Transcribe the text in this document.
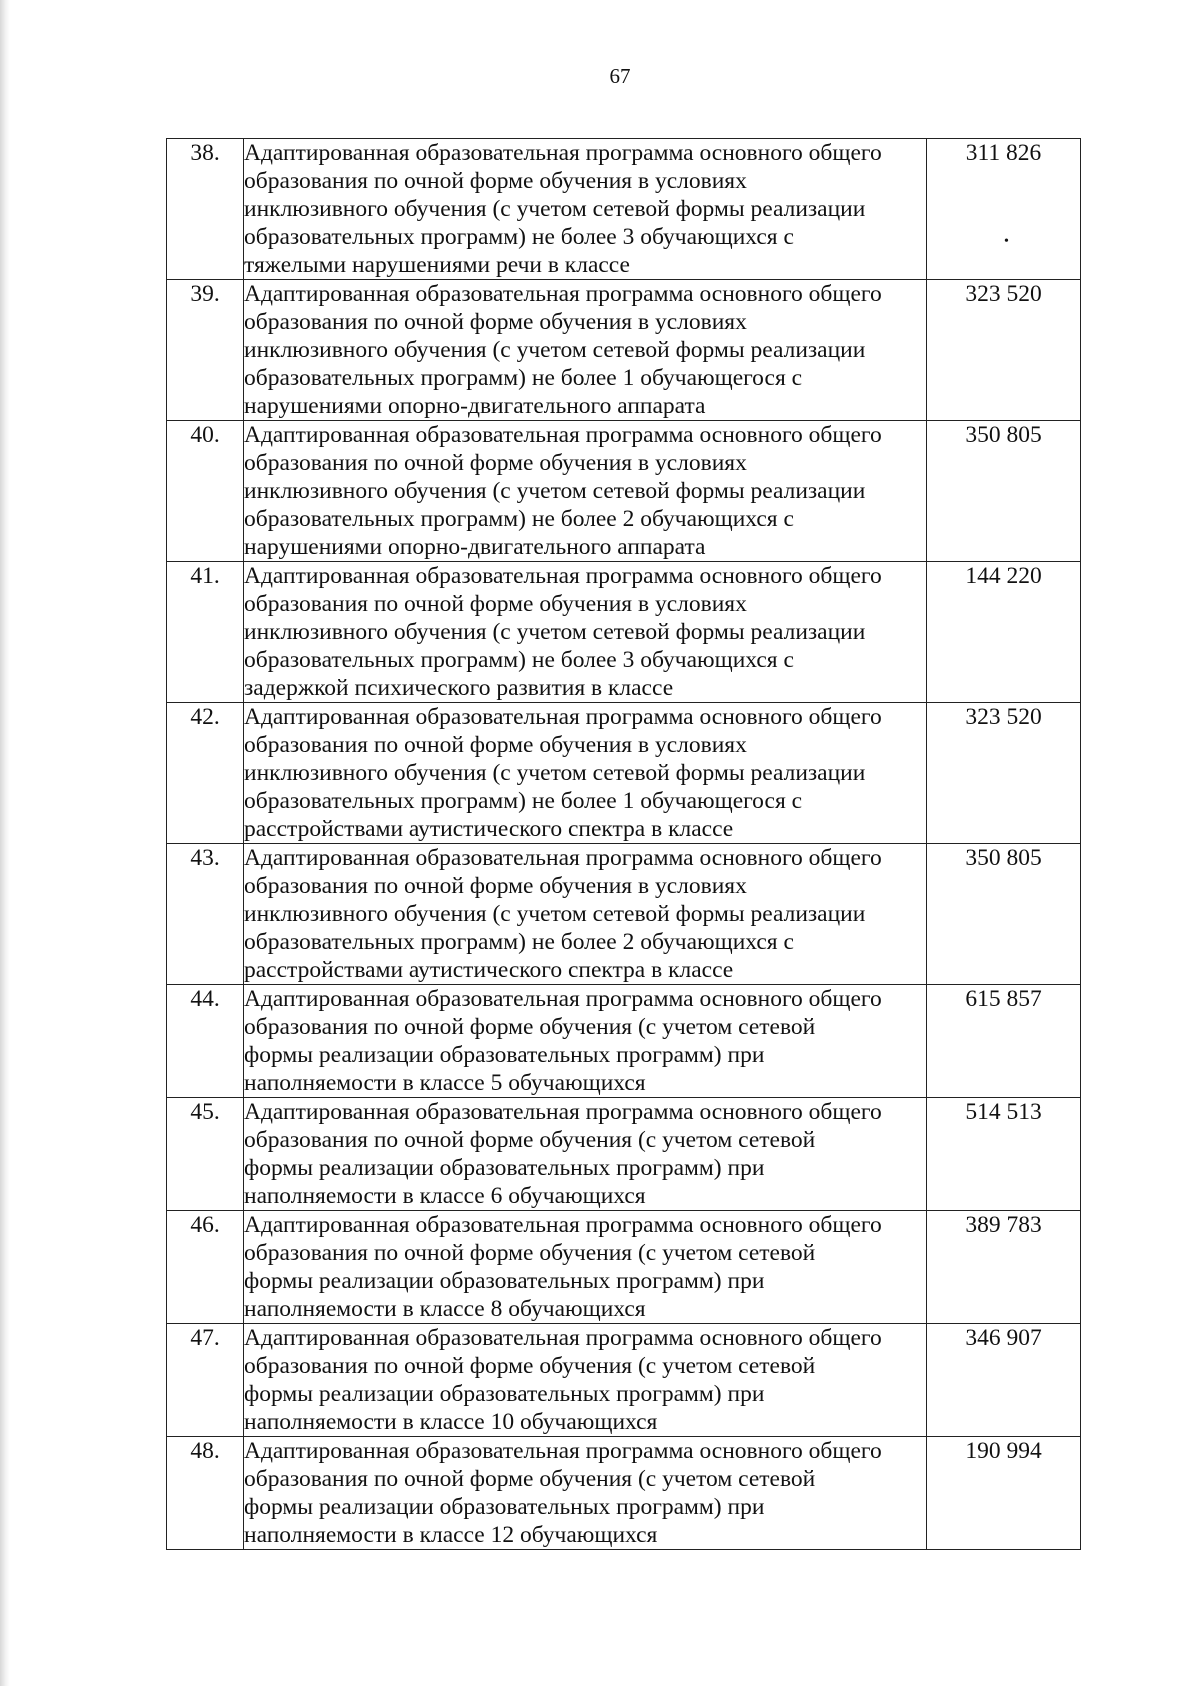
67
38.	Адаптированная образовательная программа основного общего
образования по очной форме обучения в условиях
инклюзивного обучения (с учетом сетевой формы реализации
образовательных программ) не более 3 обучающихся с
тяжелыми нарушениями речи в классе	311 826
•

39.	Адаптированная образовательная программа основного общего
образования по очной форме обучения в условиях
инклюзивного обучения (с учетом сетевой формы реализации
образовательных программ) не более 1 обучающегося с
нарушениями опорно-двигательного аппарата	323 520
40.	Адаптированная образовательная программа основного общего
образования по очной форме обучения в условиях
инклюзивного обучения (с учетом сетевой формы реализации
образовательных программ) не более 2 обучающихся с
нарушениями опорно-двигательного аппарата	350 805
41.	Адаптированная образовательная программа основного общего
образования по очной форме обучения в условиях
инклюзивного обучения (с учетом сетевой формы реализации
образовательных программ) не более 3 обучающихся с
задержкой психического развития в классе	144 220
42.	Адаптированная образовательная программа основного общего
образования по очной форме обучения в условиях
инклюзивного обучения (с учетом сетевой формы реализации
образовательных программ) не более 1 обучающегося с
расстройствами аутистического спектра в классе	323 520
43.	Адаптированная образовательная программа основного общего
образования по очной форме обучения в условиях
инклюзивного обучения (с учетом сетевой формы реализации
образовательных программ) не более 2 обучающихся с
расстройствами аутистического спектра в классе	350 805
44.	Адаптированная образовательная программа основного общего
образования по очной форме обучения (с учетом сетевой
формы реализации образовательных программ) при
наполняемости в классе 5 обучающихся	615 857
45.	Адаптированная образовательная программа основного общего
образования по очной форме обучения (с учетом сетевой
формы реализации образовательных программ) при
наполняемости в классе 6 обучающихся	514 513
46.	Адаптированная образовательная программа основного общего
образования по очной форме обучения (с учетом сетевой
формы реализации образовательных программ) при
наполняемости в классе 8 обучающихся	389 783
47.	Адаптированная образовательная программа основного общего
образования по очной форме обучения (с учетом сетевой
формы реализации образовательных программ) при
наполняемости в классе 10 обучающихся	346 907
48.	Адаптированная образовательная программа основного общего
образования по очной форме обучения (с учетом сетевой
формы реализации образовательных программ) при
наполняемости в классе 12 обучающихся	190 994
